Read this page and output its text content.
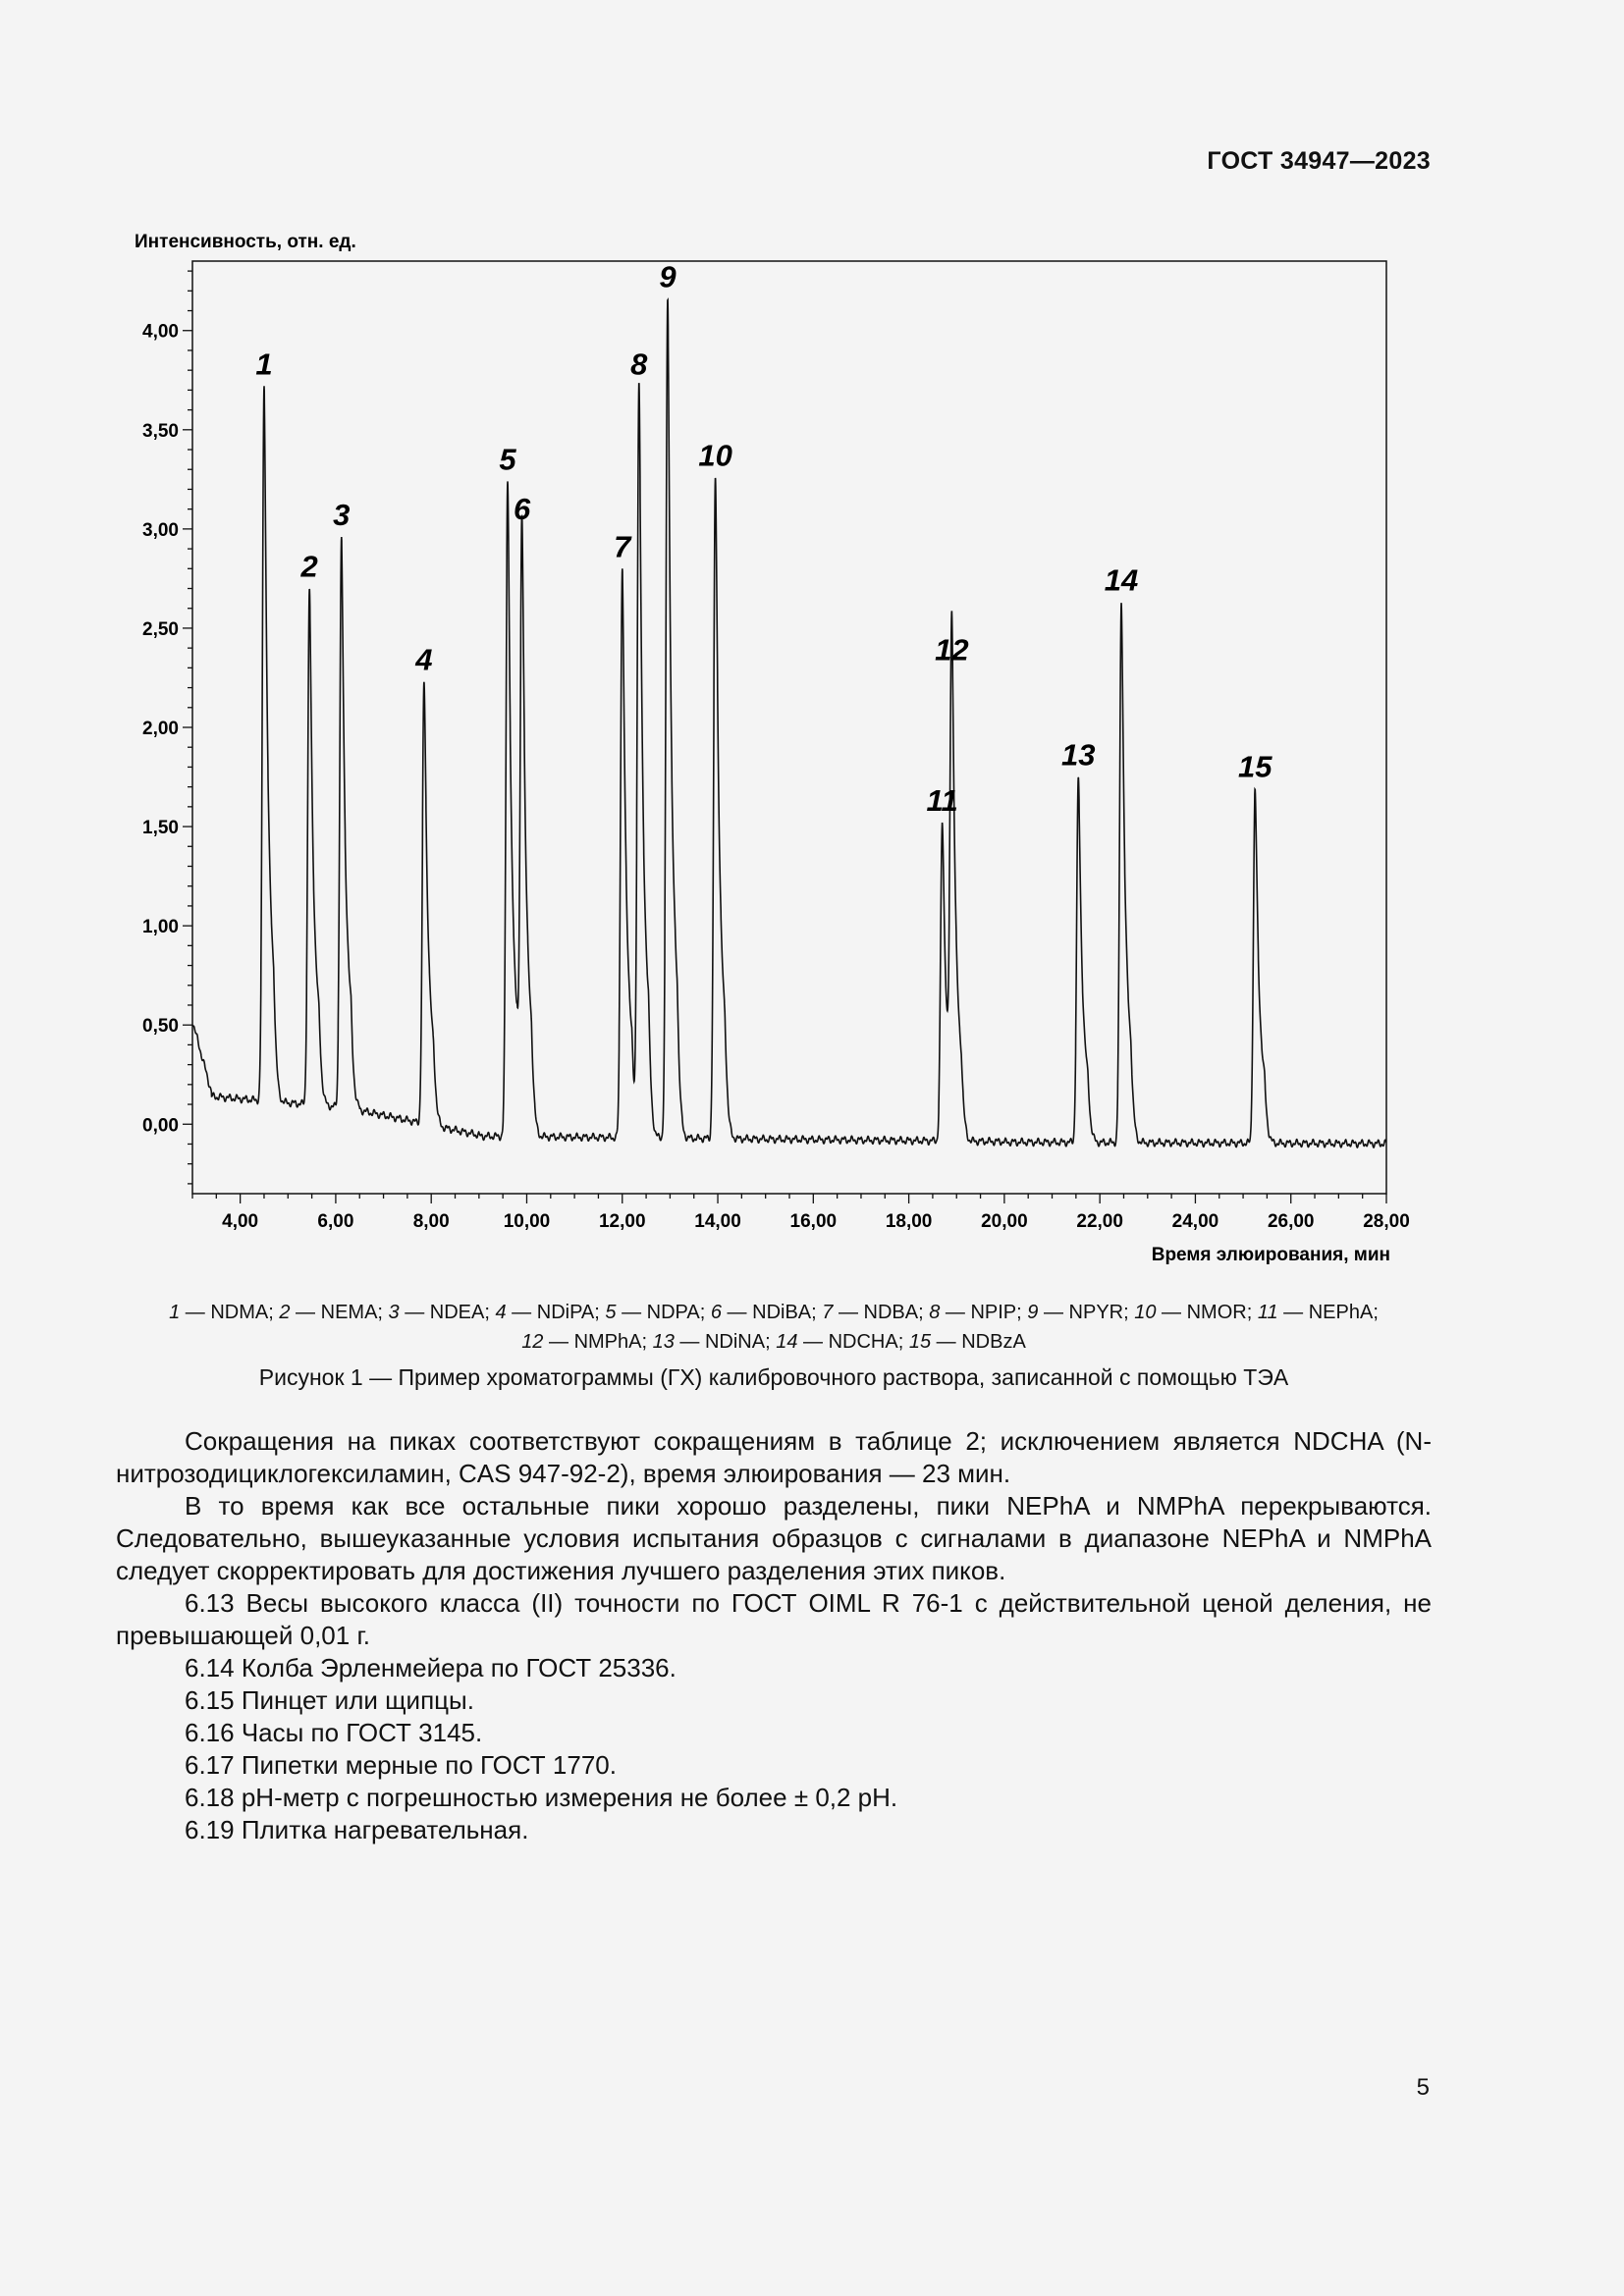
ГОСТ 34947—2023
Интенсивность, отн. ед.
Время элюирования, мин
4,00	6,00	8,00	10,00	12,00	14,00	16,00	18,00	20,00	22,00	24,00	26,00	28,00
0,00
0,50
1,00
1,50
2,00
2,50
3,00
3,50
4,00
1
2
3
4
5
6
7
8
9
10
11
12
13
14
15
1 — NDMA; 2 — NEMA; 3 — NDEA; 4 — NDiPA; 5 — NDPA; 6 — NDiBA; 7 — NDBA; 8 — NPIP; 9 — NPYR; 10 — NMOR; 11 — NEPhA;
12 — NMPhA; 13 — NDiNA; 14 — NDCHA; 15 — NDBzA
Рисунок 1 — Пример хроматограммы (ГХ) калибровочного раствора, записанной с помощью ТЭА

Сокращения на пиках соответствуют сокращениям в таблице 2; исключением является NDCHA (N-нитрозодициклогексиламин, CAS 947-92-2), время элюирования — 23 мин.

В то время как все остальные пики хорошо разделены, пики NEPhA и NMPhA перекрываются. Следовательно, вышеуказанные условия испытания образцов с сигналами в диапазоне NEPhA и NMPhA следует скорректировать для достижения лучшего разделения этих пиков.

6.13 Весы высокого класса (II) точности по ГОСТ OIML R 76-1 с действительной ценой деления, не превышающей 0,01 г.

6.14 Колба Эрленмейера по ГОСТ 25336.

6.15 Пинцет или щипцы.

6.16 Часы по ГОСТ 3145.

6.17 Пипетки мерные по ГОСТ 1770.

6.18 pH-метр с погрешностью измерения не более ± 0,2 pH.

6.19 Плитка нагревательная.

5
